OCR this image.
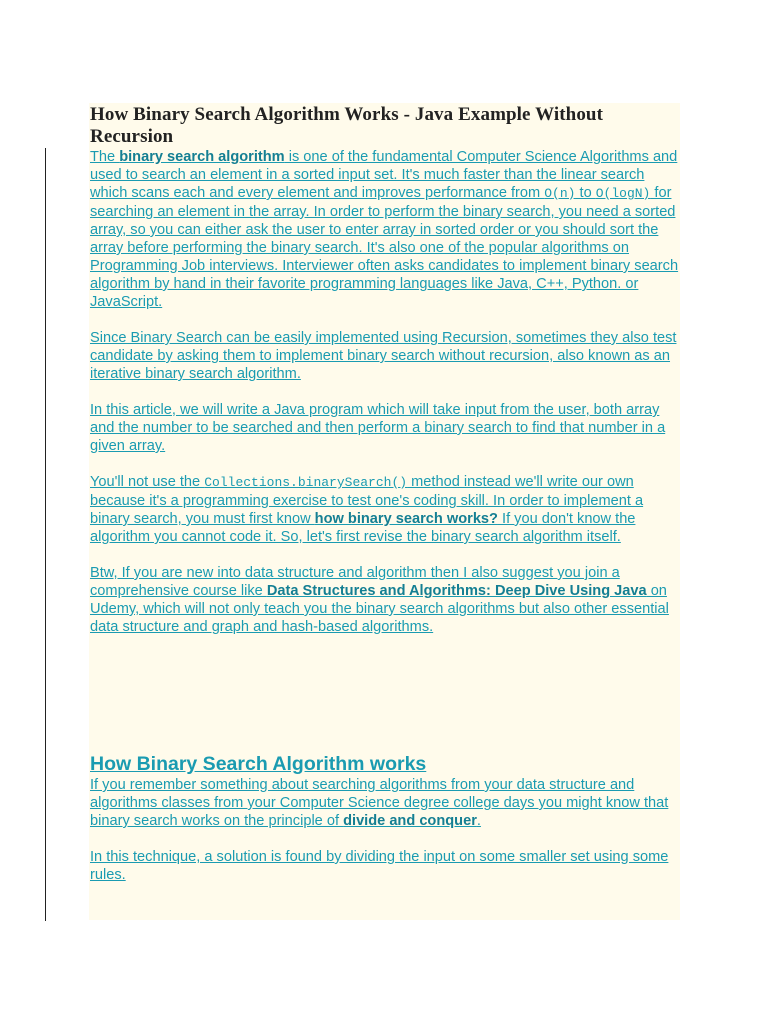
How Binary Search Algorithm Works - Java Example Without Recursion

The binary search algorithm is one of the fundamental Computer Science Algorithms and used to search an element in a sorted input set. It's much faster than the linear search which scans each and every element and improves performance from O(n) to O(logN) for searching an element in the array. In order to perform the binary search, you need a sorted array, so you can either ask the user to enter array in sorted order or you should sort the array before performing the binary search. It's also one of the popular algorithms on Programming Job interviews. Interviewer often asks candidates to implement binary search algorithm by hand in their favorite programming languages like Java, C++, Python. or JavaScript.

Since Binary Search can be easily implemented using Recursion, sometimes they also test candidate by asking them to implement binary search without recursion, also known as an iterative binary search algorithm.

In this article, we will write a Java program which will take input from the user, both array and the number to be searched and then perform a binary search to find that number in a given array.

You'll not use the Collections.binarySearch() method instead we'll write our own because it's a programming exercise to test one's coding skill. In order to implement a binary search, you must first know how binary search works? If you don't know the algorithm you cannot code it. So, let's first revise the binary search algorithm itself.

Btw, If you are new into data structure and algorithm then I also suggest you join a comprehensive course like Data Structures and Algorithms: Deep Dive Using Java on Udemy, which will not only teach you the binary search algorithms but also other essential data structure and graph and hash-based algorithms.

How Binary Search Algorithm works

If you remember something about searching algorithms from your data structure and algorithms classes from your Computer Science degree college days you might know that binary search works on the principle of divide and conquer.

In this technique, a solution is found by dividing the input on some smaller set using some rules.
